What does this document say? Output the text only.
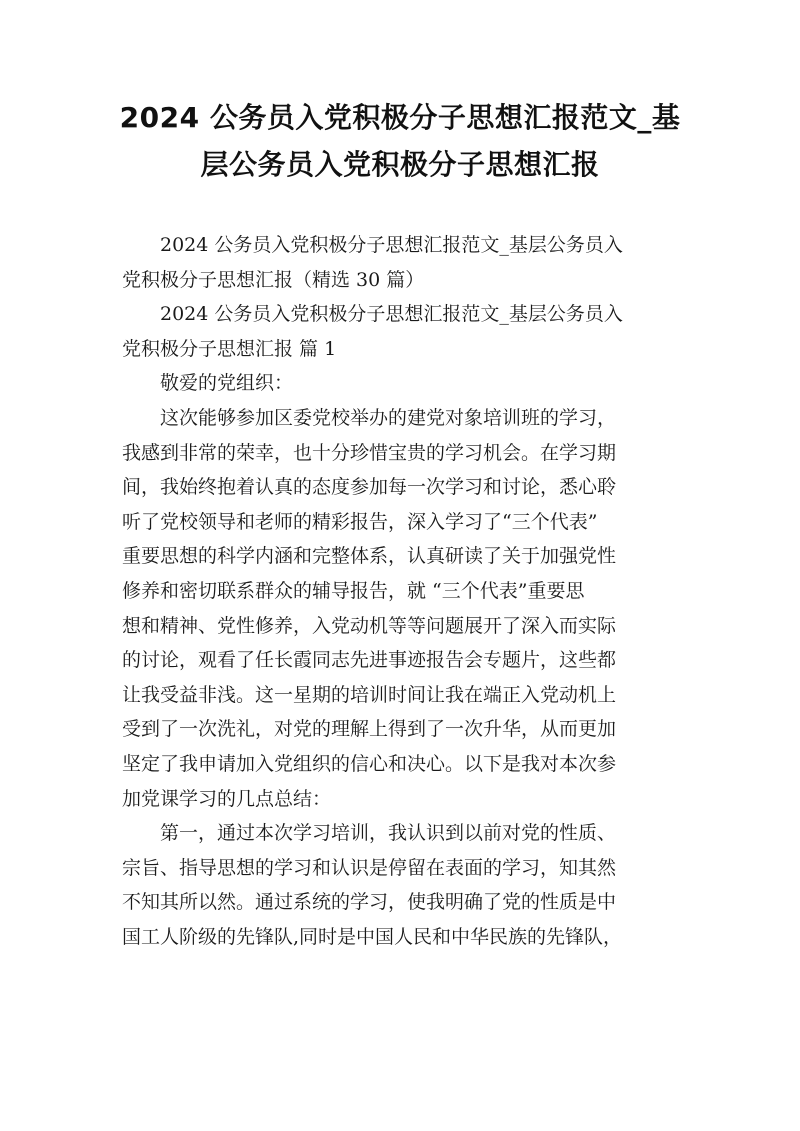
2024 公务员入党积极分子思想汇报范文_基
层公务员入党积极分子思想汇报
2024 公务员入党积极分子思想汇报范文_基层公务员入
党积极分子思想汇报（精选 30 篇）
2024 公务员入党积极分子思想汇报范文_基层公务员入
党积极分子思想汇报 篇 1
敬爱的党组织：
这次能够参加区委党校举办的建党对象培训班的学习，
我感到非常的荣幸，也十分珍惜宝贵的学习机会。在学习期
间，我始终抱着认真的态度参加每一次学习和讨论，悉心聆
听了党校领导和老师的精彩报告，深入学习了“三个代表”
重要思想的科学内涵和完整体系，认真研读了关于加强党性
修养和密切联系群众的辅导报告，就 “三个代表”重要思
想和精神、党性修养，入党动机等等问题展开了深入而实际
的讨论，观看了任长霞同志先进事迹报告会专题片，这些都
让我受益非浅。这一星期的培训时间让我在端正入党动机上
受到了一次洗礼，对党的理解上得到了一次升华，从而更加
坚定了我申请加入党组织的信心和决心。以下是我对本次参
加党课学习的几点总结：
第一，通过本次学习培训，我认识到以前对党的性质、
宗旨、指导思想的学习和认识是停留在表面的学习，知其然
不知其所以然。通过系统的学习，使我明确了党的性质是中
国工人阶级的先锋队,同时是中国人民和中华民族的先锋队，
